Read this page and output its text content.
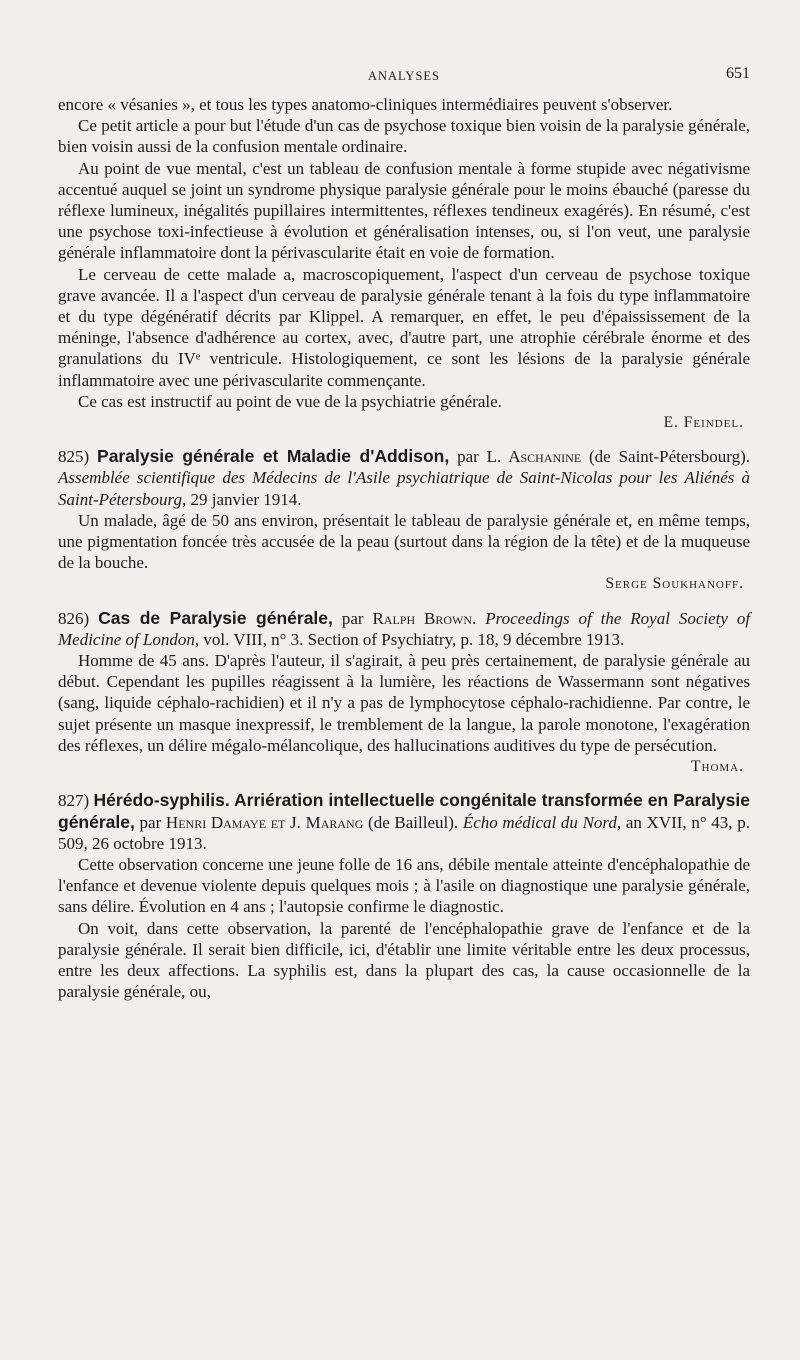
ANALYSES	651

encore « vésanies », et tous les types anatomo-cliniques intermédiaires peuvent s'observer.

Ce petit article a pour but l'étude d'un cas de psychose toxique bien voisin de la paralysie générale, bien voisin aussi de la confusion mentale ordinaire.

Au point de vue mental, c'est un tableau de confusion mentale à forme stupide avec négativisme accentué auquel se joint un syndrome physique paralysie générale pour le moins ébauché (paresse du réflexe lumineux, inégalités pupillaires intermittentes, réflexes tendineux exagérés). En résumé, c'est une psychose toxi-infectieuse à évolution et généralisation intenses, ou, si l'on veut, une paralysie générale inflammatoire dont la périvascularite était en voie de formation.

Le cerveau de cette malade a, macroscopiquement, l'aspect d'un cerveau de psychose toxique grave avancée. Il a l'aspect d'un cerveau de paralysie générale tenant à la fois du type inflammatoire et du type dégénératif décrits par Klippel. A remarquer, en effet, le peu d'épaississement de la méninge, l'absence d'adhérence au cortex, avec, d'autre part, une atrophie cérébrale énorme et des granulations du IVᵉ ventricule. Histologiquement, ce sont les lésions de la paralysie générale inflammatoire avec une périvascularite commençante.

Ce cas est instructif au point de vue de la psychiatrie générale.

E. Feindel.

825) Paralysie générale et Maladie d'Addison, par L. Aschanine (de Saint-Pétersbourg). Assemblée scientifique des Médecins de l'Asile psychiatrique de Saint-Nicolas pour les Aliénés à Saint-Pétersbourg, 29 janvier 1914.

Un malade, âgé de 50 ans environ, présentait le tableau de paralysie générale et, en même temps, une pigmentation foncée très accusée de la peau (surtout dans la région de la tête) et de la muqueuse de la bouche.

Serge Soukhanoff.

826) Cas de Paralysie générale, par Ralph Brown. Proceedings of the Royal Society of Medicine of London, vol. VIII, n° 3. Section of Psychiatry, p. 18, 9 décembre 1913.

Homme de 45 ans. D'après l'auteur, il s'agirait, à peu près certainement, de paralysie générale au début. Cependant les pupilles réagissent à la lumière, les réactions de Wassermann sont négatives (sang, liquide céphalo-rachidien) et il n'y a pas de lymphocytose céphalo-rachidienne. Par contre, le sujet présente un masque inexpressif, le tremblement de la langue, la parole monotone, l'exagération des réflexes, un délire mégalo-mélancolique, des hallucinations auditives du type de persécution.

Thoma.

827) Hérédo-syphilis. Arriération intellectuelle congénitale transformée en Paralysie générale, par Henri Damaye et J. Marang (de Bailleul). Écho médical du Nord, an XVII, n° 43, p. 509, 26 octobre 1913.

Cette observation concerne une jeune folle de 16 ans, débile mentale atteinte d'encéphalopathie de l'enfance et devenue violente depuis quelques mois ; à l'asile on diagnostique une paralysie générale, sans délire. Évolution en 4 ans ; l'autopsie confirme le diagnostic.

On voit, dans cette observation, la parenté de l'encéphalopathie grave de l'enfance et de la paralysie générale. Il serait bien difficile, ici, d'établir une limite véritable entre les deux processus, entre les deux affections. La syphilis est, dans la plupart des cas, la cause occasionnelle de la paralysie générale, ou,
